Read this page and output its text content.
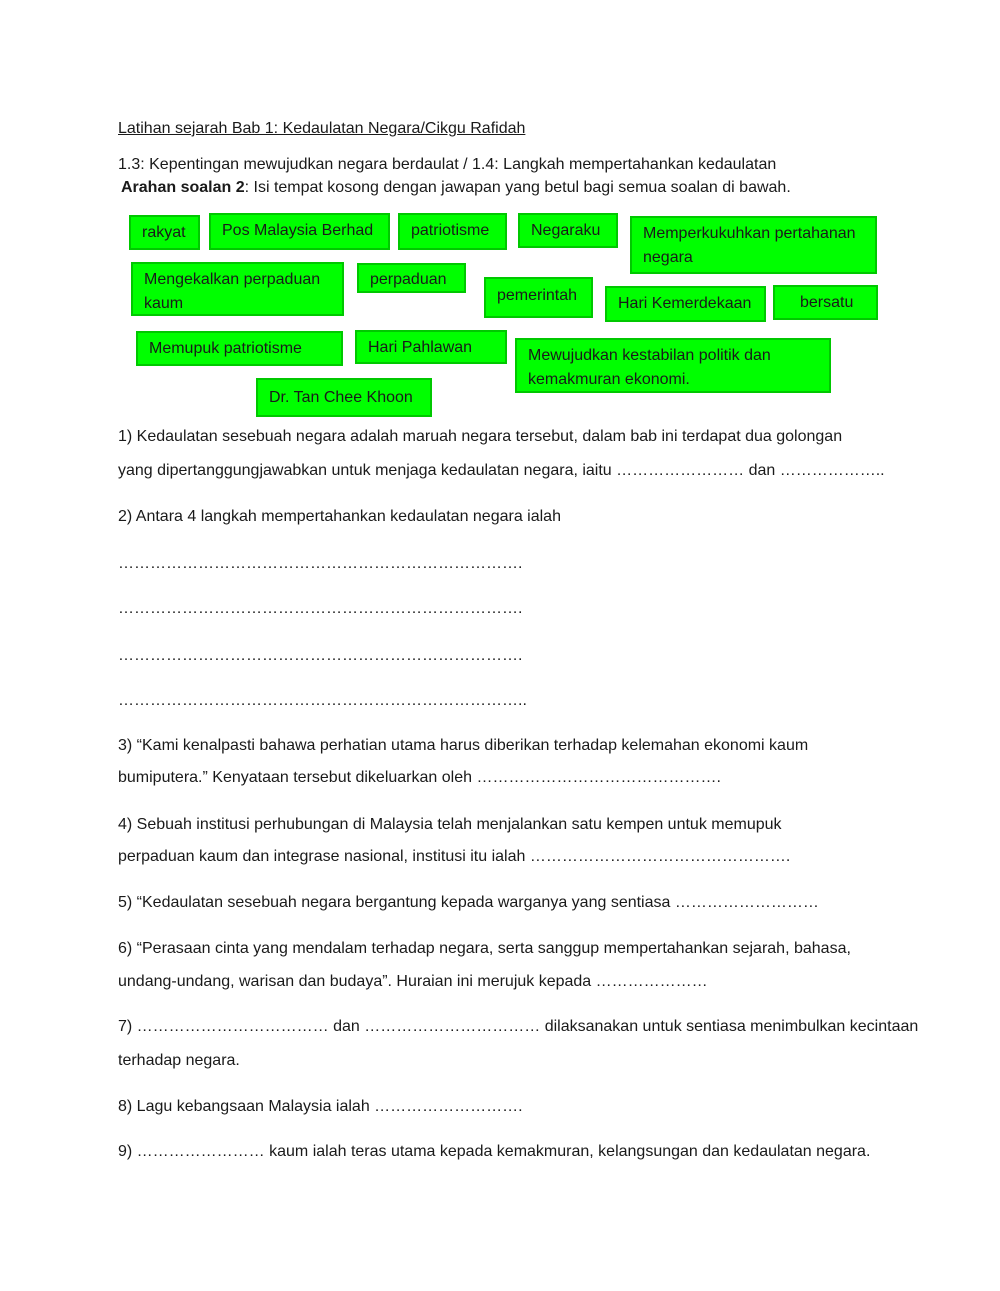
Latihan sejarah Bab 1: Kedaulatan Negara/Cikgu Rafidah
1.3: Kepentingan mewujudkan negara berdaulat / 1.4: Langkah mempertahankan kedaulatan
Arahan soalan 2: Isi tempat kosong dengan jawapan yang betul bagi semua soalan di bawah.
rakyat	Pos Malaysia Berhad	patriotisme	Negaraku	Memperkukuhkan pertahanan negara
Mengekalkan perpaduan kaum
perpaduan
pemerintah	Hari Kemerdekaan	bersatu
Memupuk patriotisme	Hari Pahlawan	Mewujudkan kestabilan politik dan kemakmuran ekonomi.
Dr. Tan Chee Khoon
1) Kedaulatan sesebuah negara adalah maruah negara tersebut, dalam bab ini terdapat dua golongan
yang dipertanggungjawabkan untuk menjaga kedaulatan negara, iaitu …………………… dan ………………..
2) Antara 4 langkah mempertahankan kedaulatan negara ialah
………………………………………………………………….
………………………………………………………………….
………………………………………………………………….
…………………………………………………………………..
3) “Kami kenalpasti bahawa perhatian utama harus diberikan terhadap kelemahan ekonomi kaum
bumiputera.” Kenyataan tersebut dikeluarkan oleh ……………………………………….
4) Sebuah institusi perhubungan di Malaysia telah menjalankan satu kempen untuk memupuk
perpaduan kaum dan integrase nasional, institusi itu ialah ………………………………………….
5) “Kedaulatan sesebuah negara bergantung kepada warganya yang sentiasa ………………………
6) “Perasaan cinta yang mendalam terhadap negara, serta sanggup mempertahankan sejarah, bahasa,
undang-undang, warisan dan budaya”. Huraian ini merujuk kepada …………………
7) ……………………………… dan …………………………… dilaksanakan untuk sentiasa menimbulkan kecintaan
terhadap negara.
8) Lagu kebangsaan Malaysia ialah ……………………….
9) …………………… kaum ialah teras utama kepada kemakmuran, kelangsungan dan kedaulatan negara.
